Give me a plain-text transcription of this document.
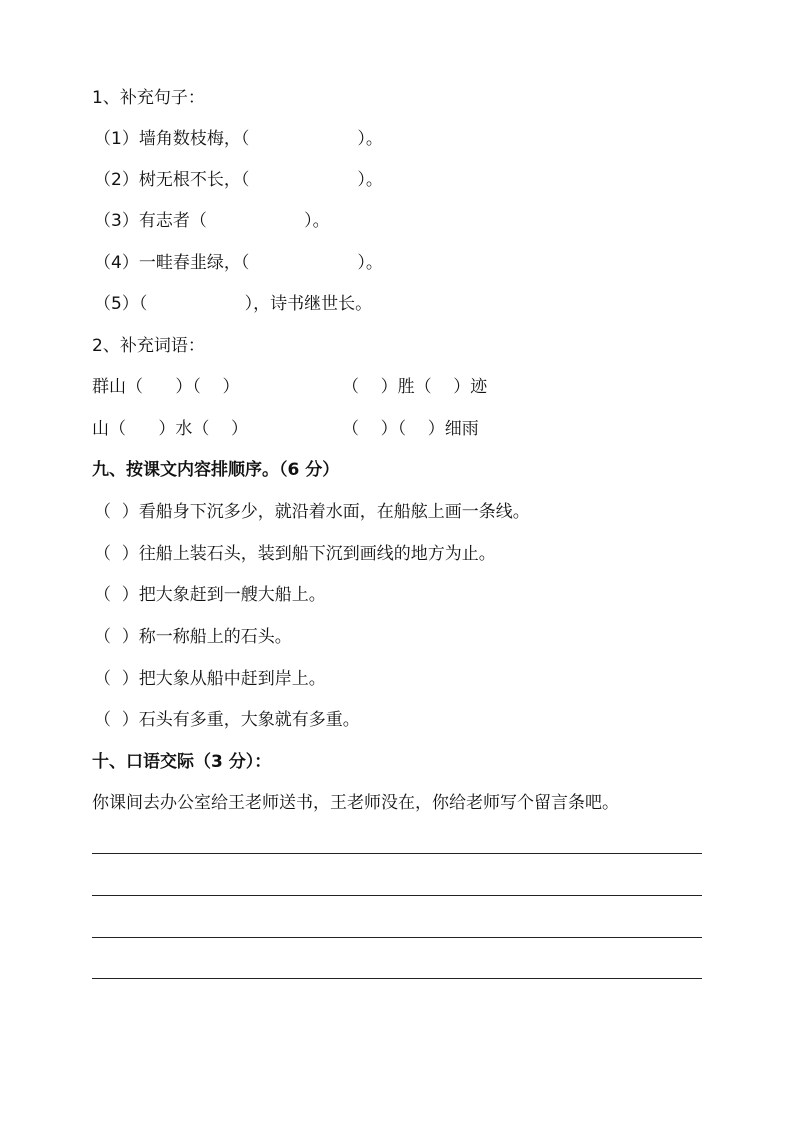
1、补充句子：
（1）墙角数枝梅，（                    ）。
（2）树无根不长，（                    ）。
（3）有志者（                  ）。
（4）一畦春韭绿，（                    ）。
（5）（                  ），诗书继世长。
2、补充词语：
群山（      ）（    ）	（    ）胜（    ）迹
山（      ）水（    ）	（    ）（    ）细雨
九、按课文内容排顺序。（6 分）
（  ）看船身下沉多少，就沿着水面，在船舷上画一条线。
（  ）往船上装石头，装到船下沉到画线的地方为止。
（  ）把大象赶到一艘大船上。
（  ）称一称船上的石头。
（  ）把大象从船中赶到岸上。
（  ）石头有多重，大象就有多重。
十、口语交际（3 分）：
你课间去办公室给王老师送书，王老师没在，你给老师写个留言条吧。
